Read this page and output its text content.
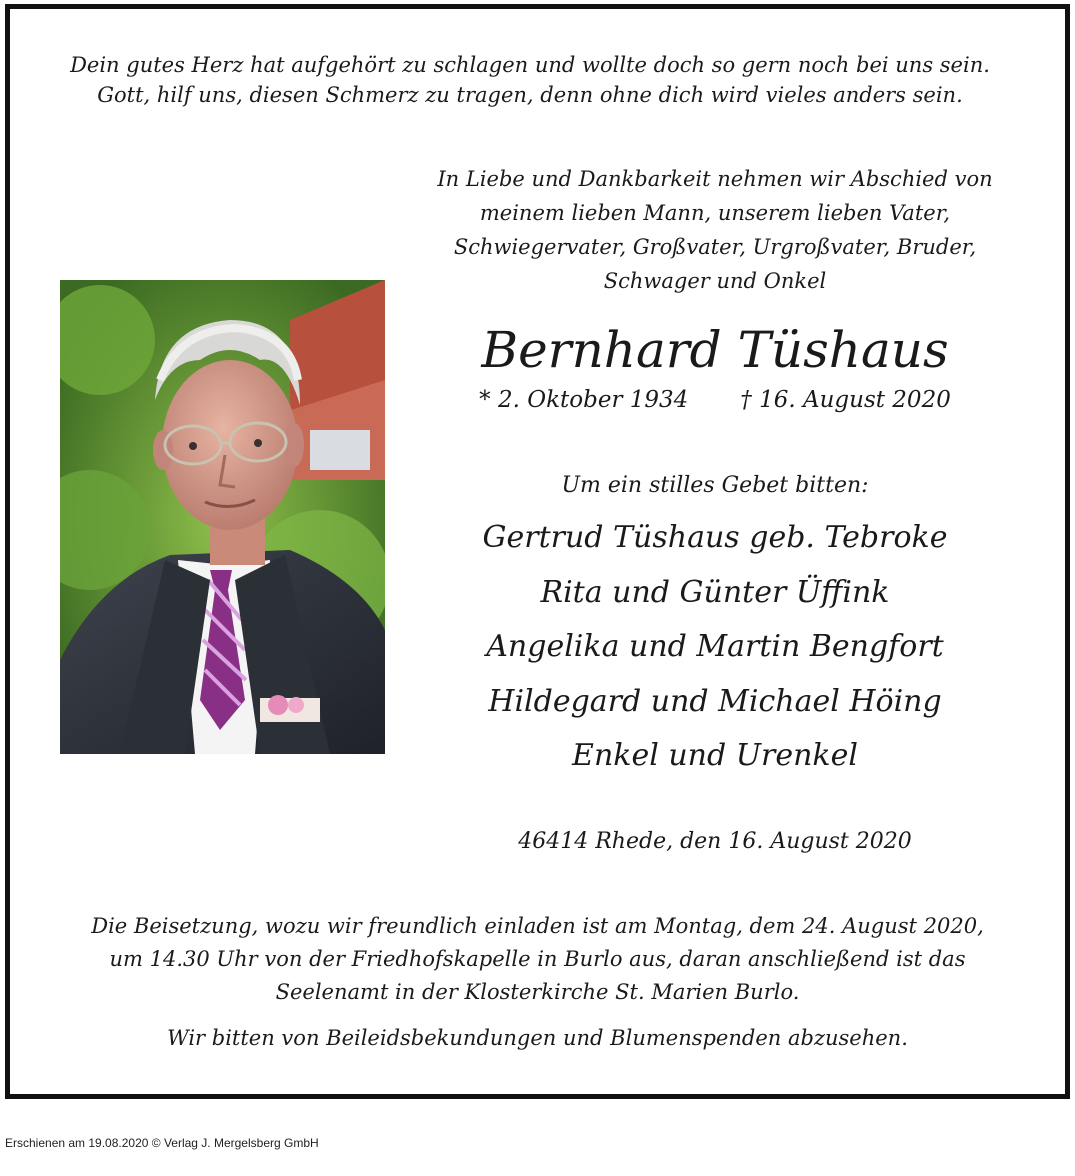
Dein gutes Herz hat aufgehört zu schlagen und wollte doch so gern noch bei uns sein.
Gott, hilf uns, diesen Schmerz zu tragen, denn ohne dich wird vieles anders sein.
In Liebe und Dankbarkeit nehmen wir Abschied von
meinem lieben Mann, unserem lieben Vater,
Schwiegervater, Großvater, Urgroßvater, Bruder,
Schwager und Onkel
Bernhard Tüshaus
* 2. Oktober 1934 † 16. August 2020
Um ein stilles Gebet bitten:
Gertrud Tüshaus geb. Tebroke
Rita und Günter Üffink
Angelika und Martin Bengfort
Hildegard und Michael Höing
Enkel und Urenkel
46414 Rhede, den 16. August 2020
Die Beisetzung, wozu wir freundlich einladen ist am Montag, dem 24. August 2020,
um 14.30 Uhr von der Friedhofskapelle in Burlo aus, daran anschließend ist das
Seelenamt in der Klosterkirche St. Marien Burlo.
Wir bitten von Beileidsbekundungen und Blumenspenden abzusehen.
Erschienen am 19.08.2020 © Verlag J. Mergelsberg GmbH
